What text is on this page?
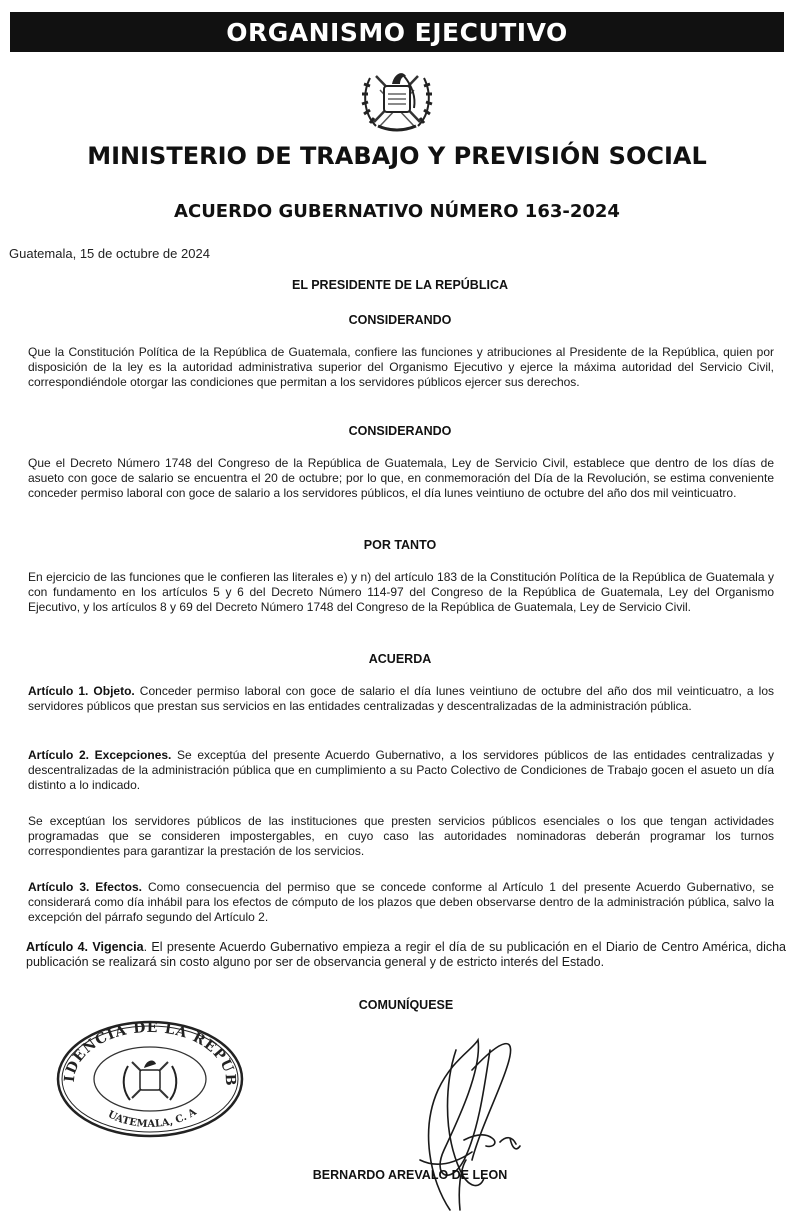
ORGANISMO EJECUTIVO
MINISTERIO DE TRABAJO Y PREVISIÓN SOCIAL
ACUERDO GUBERNATIVO NÚMERO 163-2024
Guatemala, 15 de octubre de 2024
EL PRESIDENTE DE LA REPÚBLICA
CONSIDERANDO
Que la Constitución Política de la República de Guatemala, confiere las funciones y atribuciones al Presidente de la República, quien por disposición de la ley es la autoridad administrativa superior del Organismo Ejecutivo y ejerce la máxima autoridad del Servicio Civil, correspondiéndole otorgar las condiciones que permitan a los servidores públicos ejercer sus derechos.
CONSIDERANDO
Que el Decreto Número 1748 del Congreso de la República de Guatemala, Ley de Servicio Civil, establece que dentro de los días de asueto con goce de salario se encuentra el 20 de octubre; por lo que, en conmemoración del Día de la Revolución, se estima conveniente conceder permiso laboral con goce de salario a los servidores públicos, el día lunes veintiuno de octubre del año dos mil veinticuatro.
POR TANTO
En ejercicio de las funciones que le confieren las literales e) y n) del artículo 183 de la Constitución Política de la República de Guatemala y con fundamento en los artículos 5 y 6 del Decreto Número 114-97 del Congreso de la República de Guatemala, Ley del Organismo Ejecutivo, y los artículos 8 y 69 del Decreto Número 1748 del Congreso de la República de Guatemala, Ley de Servicio Civil.
ACUERDA
Artículo 1. Objeto. Conceder permiso laboral con goce de salario el día lunes veintiuno de octubre del año dos mil veinticuatro, a los servidores públicos que prestan sus servicios en las entidades centralizadas y descentralizadas de la administración pública.
Artículo 2. Excepciones. Se exceptúa del presente Acuerdo Gubernativo, a los servidores públicos de las entidades centralizadas y descentralizadas de la administración pública que en cumplimiento a su Pacto Colectivo de Condiciones de Trabajo gocen el asueto un día distinto a lo indicado.
Se exceptúan los servidores públicos de las instituciones que presten servicios públicos esenciales o los que tengan actividades programadas que se consideren impostergables, en cuyo caso las autoridades nominadoras deberán programar los turnos correspondientes para garantizar la prestación de los servicios.
Artículo 3. Efectos. Como consecuencia del permiso que se concede conforme al Artículo 1 del presente Acuerdo Gubernativo, se considerará como día inhábil para los efectos de cómputo de los plazos que deben observarse dentro de la administración pública, salvo la excepción del párrafo segundo del Artículo 2.
Artículo 4. Vigencia. El presente Acuerdo Gubernativo empieza a regir el día de su publicación en el Diario de Centro América, dicha publicación se realizará sin costo alguno por ser de observancia general y de estricto interés del Estado.
COMUNÍQUESE
IDENCIA DE LA REPUB
UATEMALA, C. A
BERNARDO AREVALO DE LEON
